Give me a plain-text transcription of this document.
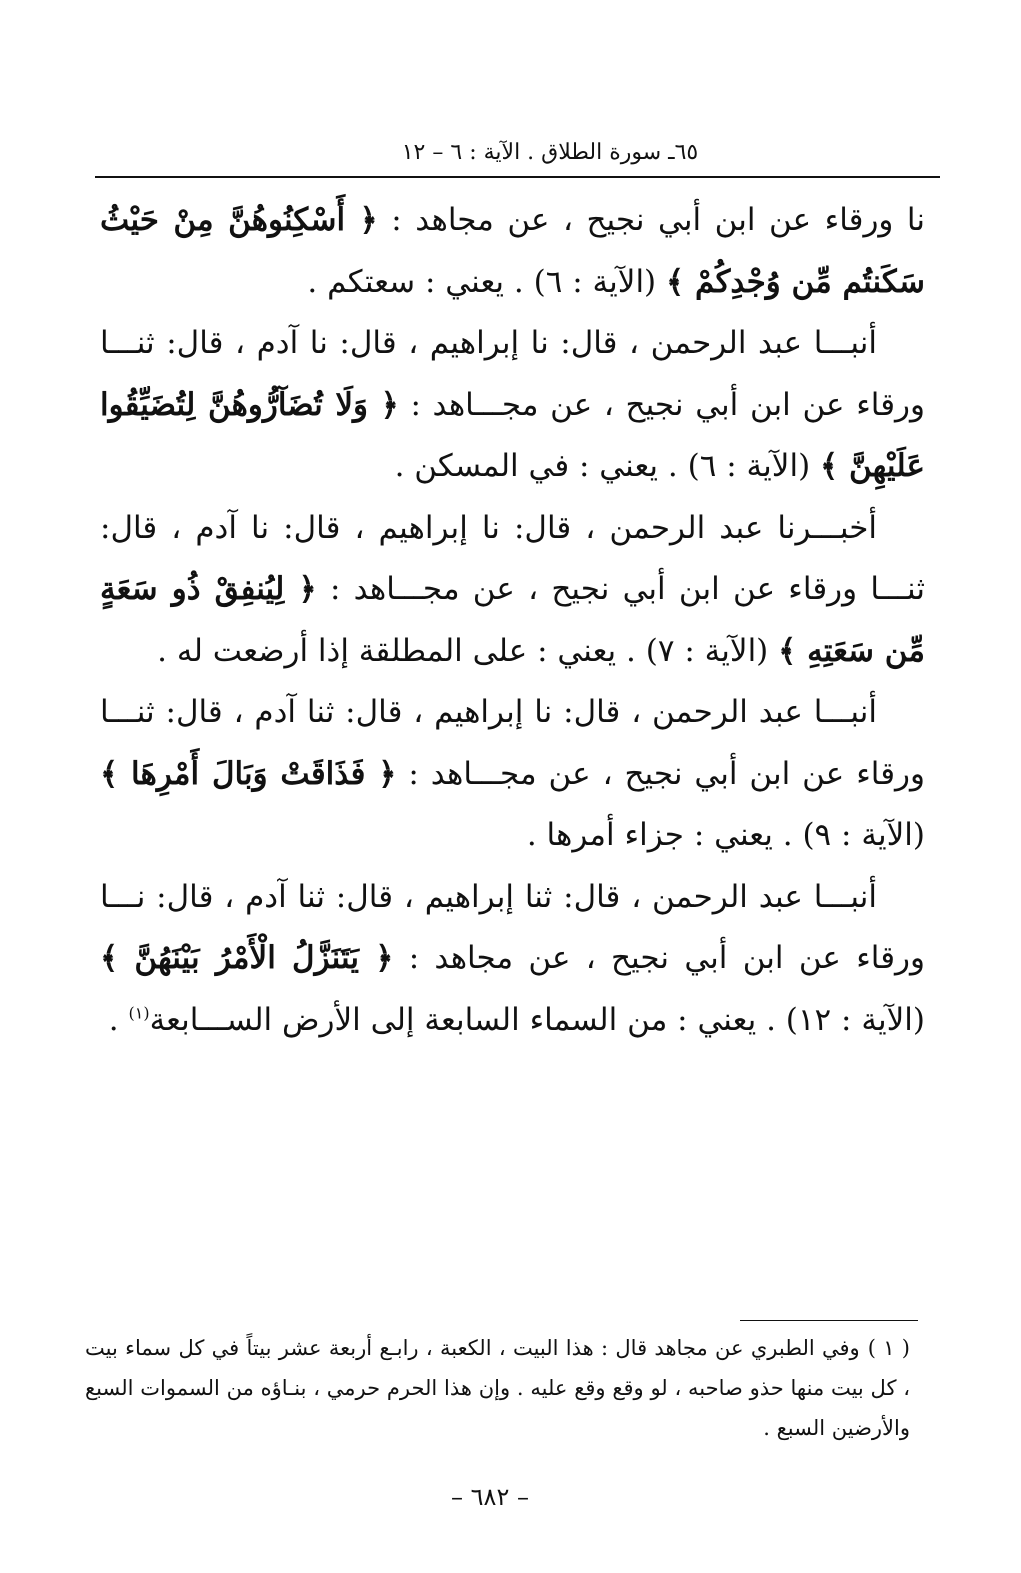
٦٥ـ سورة الطلاق . الآية : ٦ – ١٢

نا ورقاء عن ابن أبي نجيح ، عن مجاهد : ﴿ أَسْكِنُوهُنَّ مِنْ حَيْثُ سَكَنتُم مِّن وُجْدِكُمْ ﴾ (الآية : ٦) . يعني : سعتكم .

أنبـــا عبد الرحمن ، قال: نا إبراهيم ، قال: نا آدم ، قال: ثنـــا ورقاء عن ابن أبي نجيح ، عن مجـــاهد : ﴿ وَلَا تُضَآرُّوهُنَّ لِتُضَيِّقُوا عَلَيْهِنَّ ﴾ (الآية : ٦) . يعني : في المسكن .

أخبـــرنا عبد الرحمن ، قال: نا إبراهيم ، قال: نا آدم ، قال: ثنـــا ورقاء عن ابن أبي نجيح ، عن مجـــاهد : ﴿ لِيُنفِقْ ذُو سَعَةٍ مِّن سَعَتِهِ ﴾ (الآية : ٧) . يعني : على المطلقة إذا أرضعت له .

أنبـــا عبد الرحمن ، قال: نا إبراهيم ، قال: ثنا آدم ، قال: ثنـــا ورقاء عن ابن أبي نجيح ، عن مجـــاهد : ﴿ فَذَاقَتْ وَبَالَ أَمْرِهَا ﴾ (الآية : ٩) . يعني : جزاء أمرها .

أنبـــا عبد الرحمن ، قال: ثنا إبراهيم ، قال: ثنا آدم ، قال: نـــا ورقاء عن ابن أبي نجيح ، عن مجاهد : ﴿ يَتَنَزَّلُ الْأَمْرُ بَيْنَهُنَّ ﴾ (الآية : ١٢) . يعني : من السماء السابعة إلى الأرض الســـابعة$^{(١)}$ .

( ١ )وفي الطبري عن مجاهد قال : هذا البيت ، الكعبة ، رابـع أربعة عشر بيتاً في كل سماء بيت ، كل بيت منها حذو صاحبه ، لو وقع وقع عليه . وإن هذا الحرم حرمي ، بنـاؤه من السموات السبع والأرضين السبع .
– ٦٨٢ –
